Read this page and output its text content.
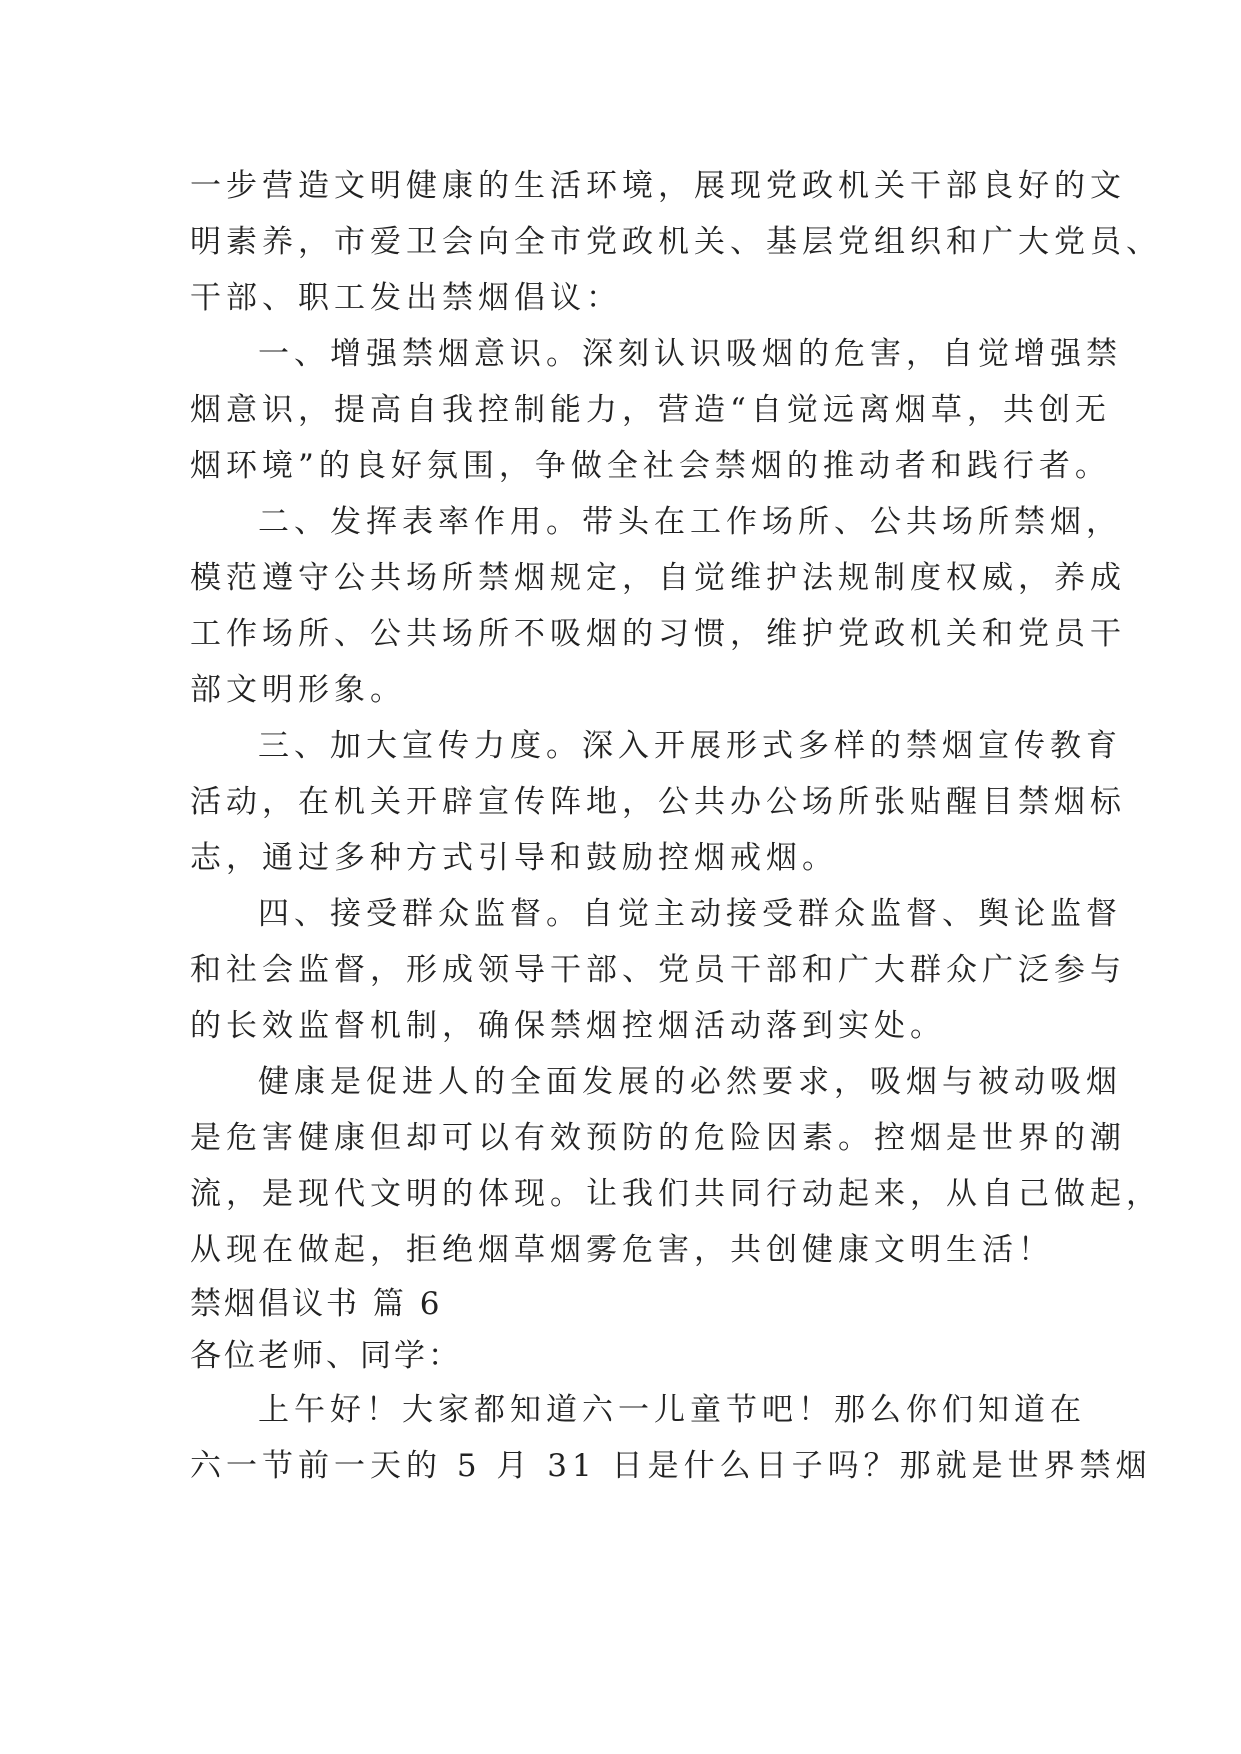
一步营造文明健康的生活环境，展现党政机关干部良好的文
明素养，市爱卫会向全市党政机关、基层党组织和广大党员、
干部、职工发出禁烟倡议：
一、增强禁烟意识。深刻认识吸烟的危害，自觉增强禁
烟意识，提高自我控制能力，营造“自觉远离烟草，共创无
烟环境”的良好氛围，争做全社会禁烟的推动者和践行者。
二、发挥表率作用。带头在工作场所、公共场所禁烟，
模范遵守公共场所禁烟规定，自觉维护法规制度权威，养成
工作场所、公共场所不吸烟的习惯，维护党政机关和党员干
部文明形象。
三、加大宣传力度。深入开展形式多样的禁烟宣传教育
活动，在机关开辟宣传阵地，公共办公场所张贴醒目禁烟标
志，通过多种方式引导和鼓励控烟戒烟。
四、接受群众监督。自觉主动接受群众监督、舆论监督
和社会监督，形成领导干部、党员干部和广大群众广泛参与
的长效监督机制，确保禁烟控烟活动落到实处。
健康是促进人的全面发展的必然要求，吸烟与被动吸烟
是危害健康但却可以有效预防的危险因素。控烟是世界的潮
流，是现代文明的体现。让我们共同行动起来，从自己做起，
从现在做起，拒绝烟草烟雾危害，共创健康文明生活！
禁烟倡议书 篇 6
各位老师、同学：
上午好！大家都知道六一儿童节吧！那么你们知道在
六一节前一天的 5 月 31 日是什么日子吗？那就是世界禁烟
